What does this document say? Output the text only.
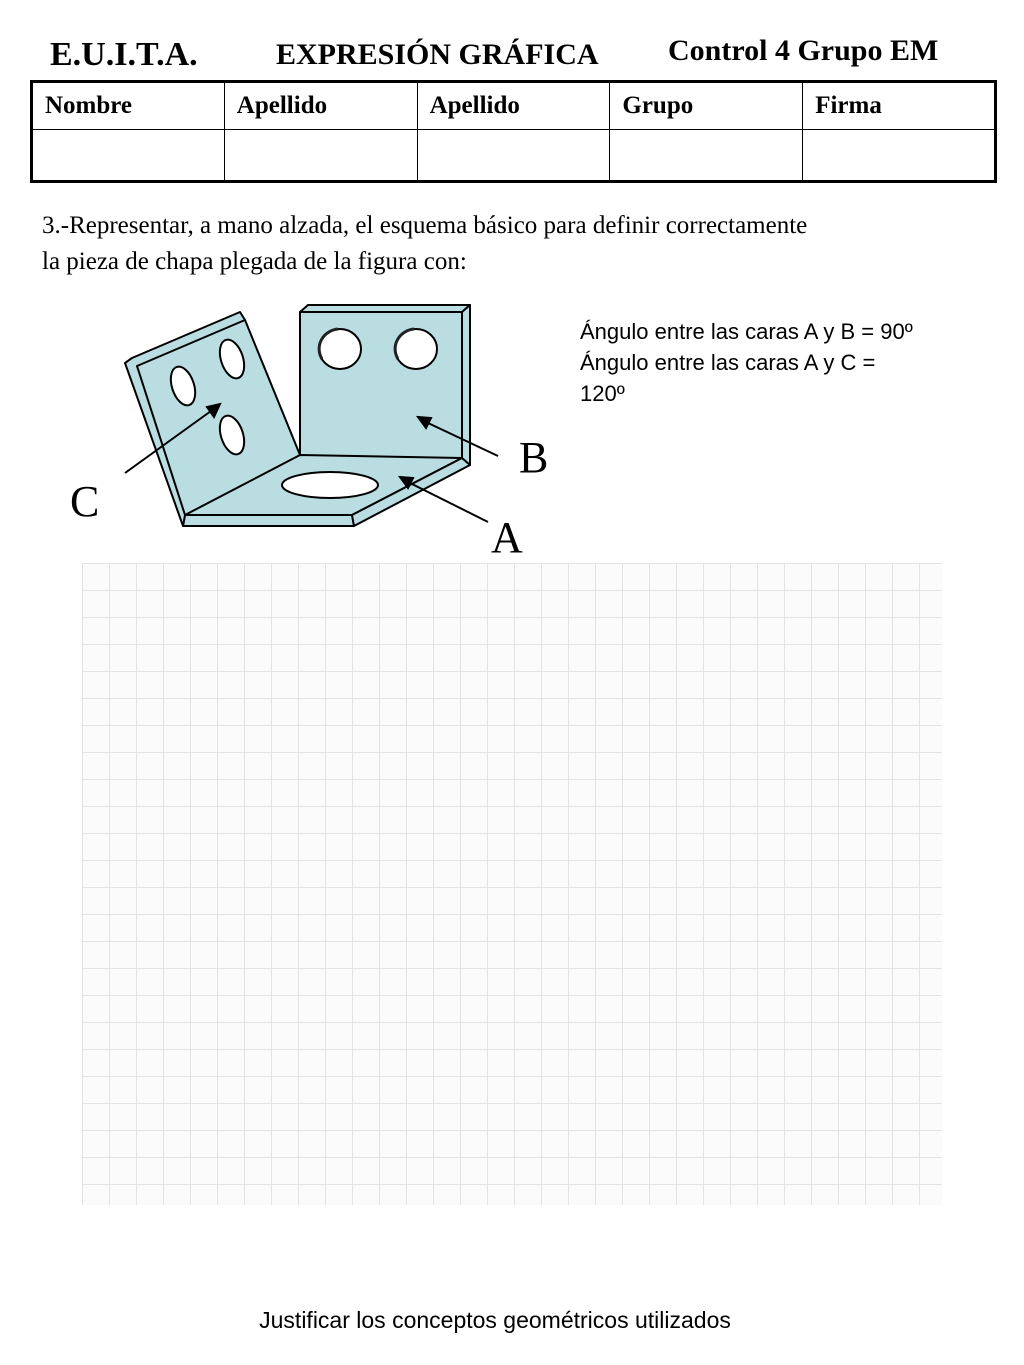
E.U.I.T.A.	EXPRESIÓN GRÁFICA Control 4 Grupo EM
Nombre	Apellido	Apellido	Grupo	Firma

3.-Representar, a mano alzada, el esquema básico para definir correctamente
la pieza de chapa plegada de la figura con:
Ángulo entre las caras A y B = 90º
Ángulo entre las caras A y C =
120º
C
B
A
Justificar los conceptos geométricos utilizados
